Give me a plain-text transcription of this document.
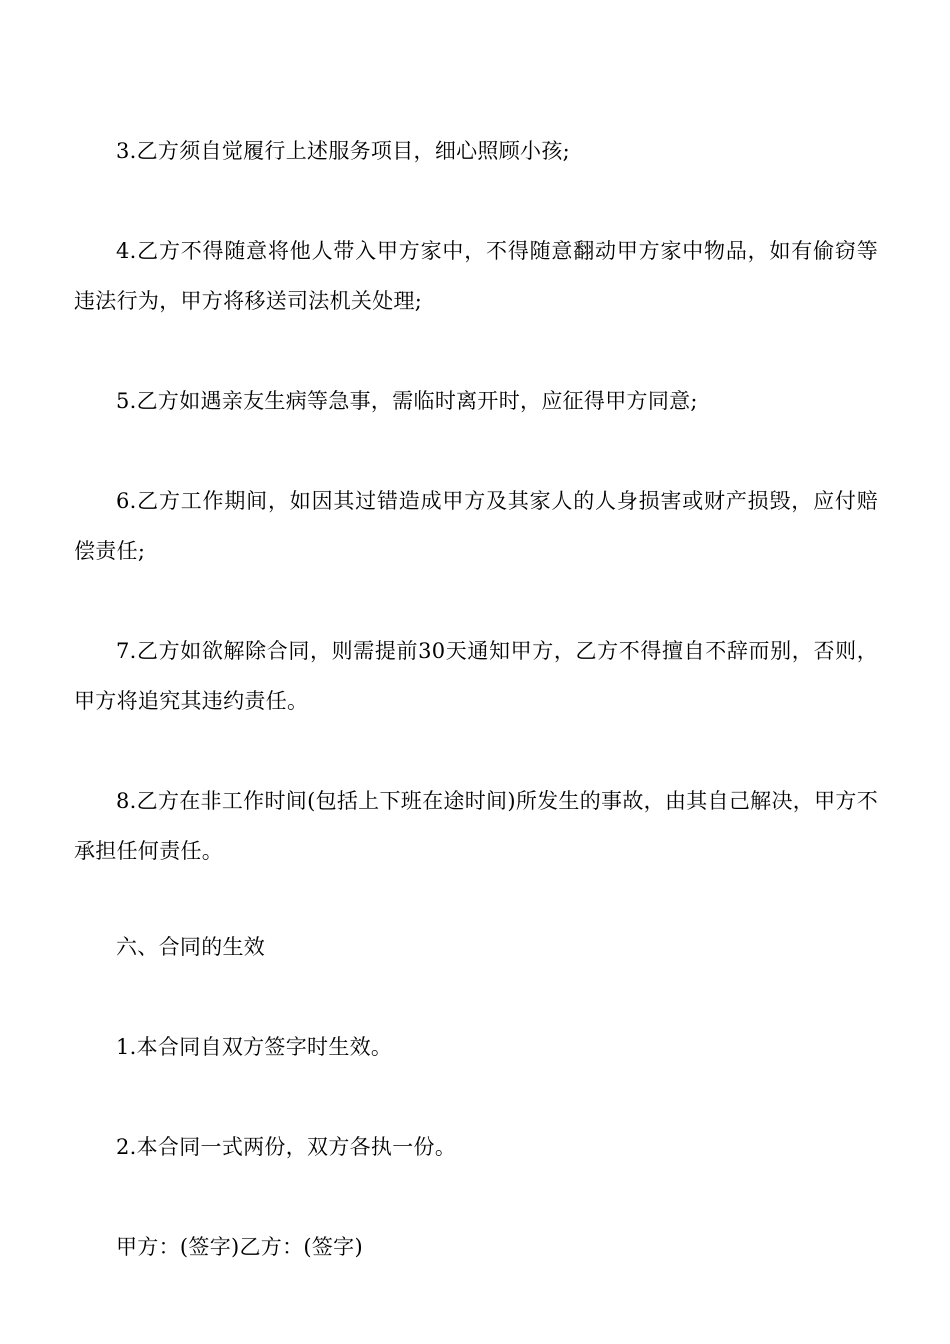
3.乙方须自觉履行上述服务项目，细心照顾小孩;

4.乙方不得随意将他人带入甲方家中，不得随意翻动甲方家中物品，如有偷窃等违法行为，甲方将移送司法机关处理;

5.乙方如遇亲友生病等急事，需临时离开时，应征得甲方同意;

6.乙方工作期间，如因其过错造成甲方及其家人的人身损害或财产损毁，应付赔偿责任;

7.乙方如欲解除合同，则需提前30天通知甲方，乙方不得擅自不辞而别，否则，甲方将追究其违约责任。

8.乙方在非工作时间(包括上下班在途时间)所发生的事故，由其自己解决，甲方不承担任何责任。

六、合同的生效

1.本合同自双方签字时生效。

2.本合同一式两份，双方各执一份。

甲方：(签字)乙方：(签字)
